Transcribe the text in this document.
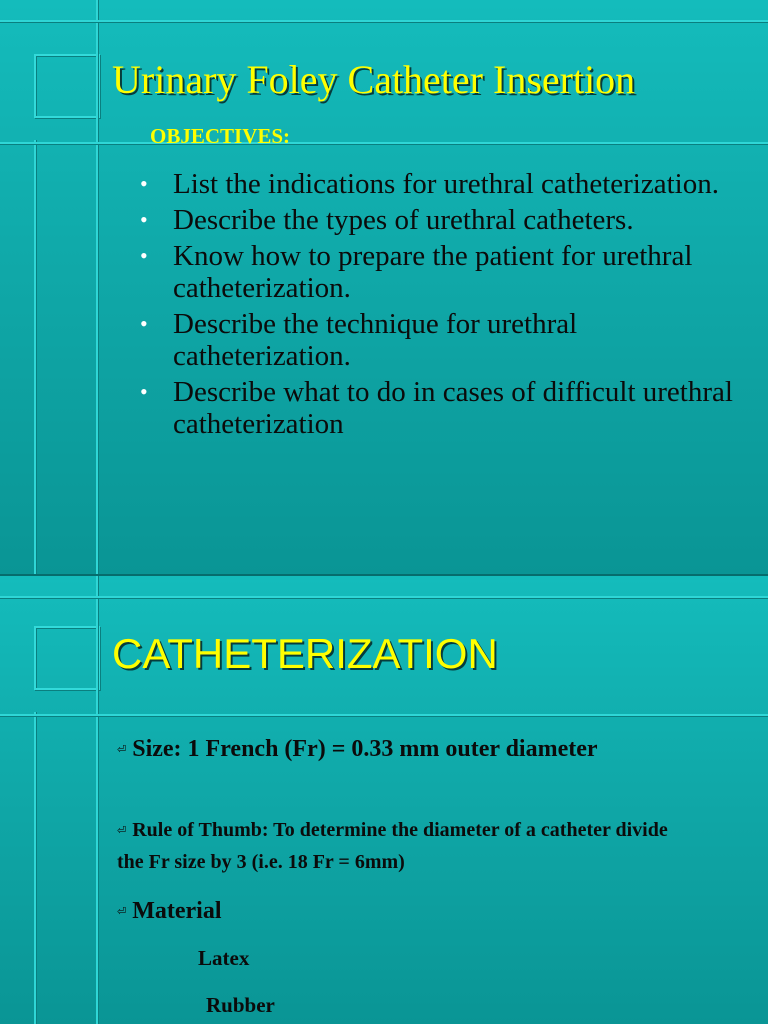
Urinary Foley Catheter Insertion

OBJECTIVES:

• List the indications for urethral catheterization.
• Describe the types of urethral catheters.
• Know how to prepare the patient for urethral catheterization.
• Describe the technique for urethral catheterization.
• Describe what to do in cases of difficult urethral catheterization
CATHETERIZATION

⏎ Size: 1 French (Fr) = 0.33 mm outer diameter

⏎ Rule of Thumb: To determine the diameter of a catheter divide the Fr size by 3 (i.e. 18 Fr = 6mm)

⏎ Material

Latex

Rubber
